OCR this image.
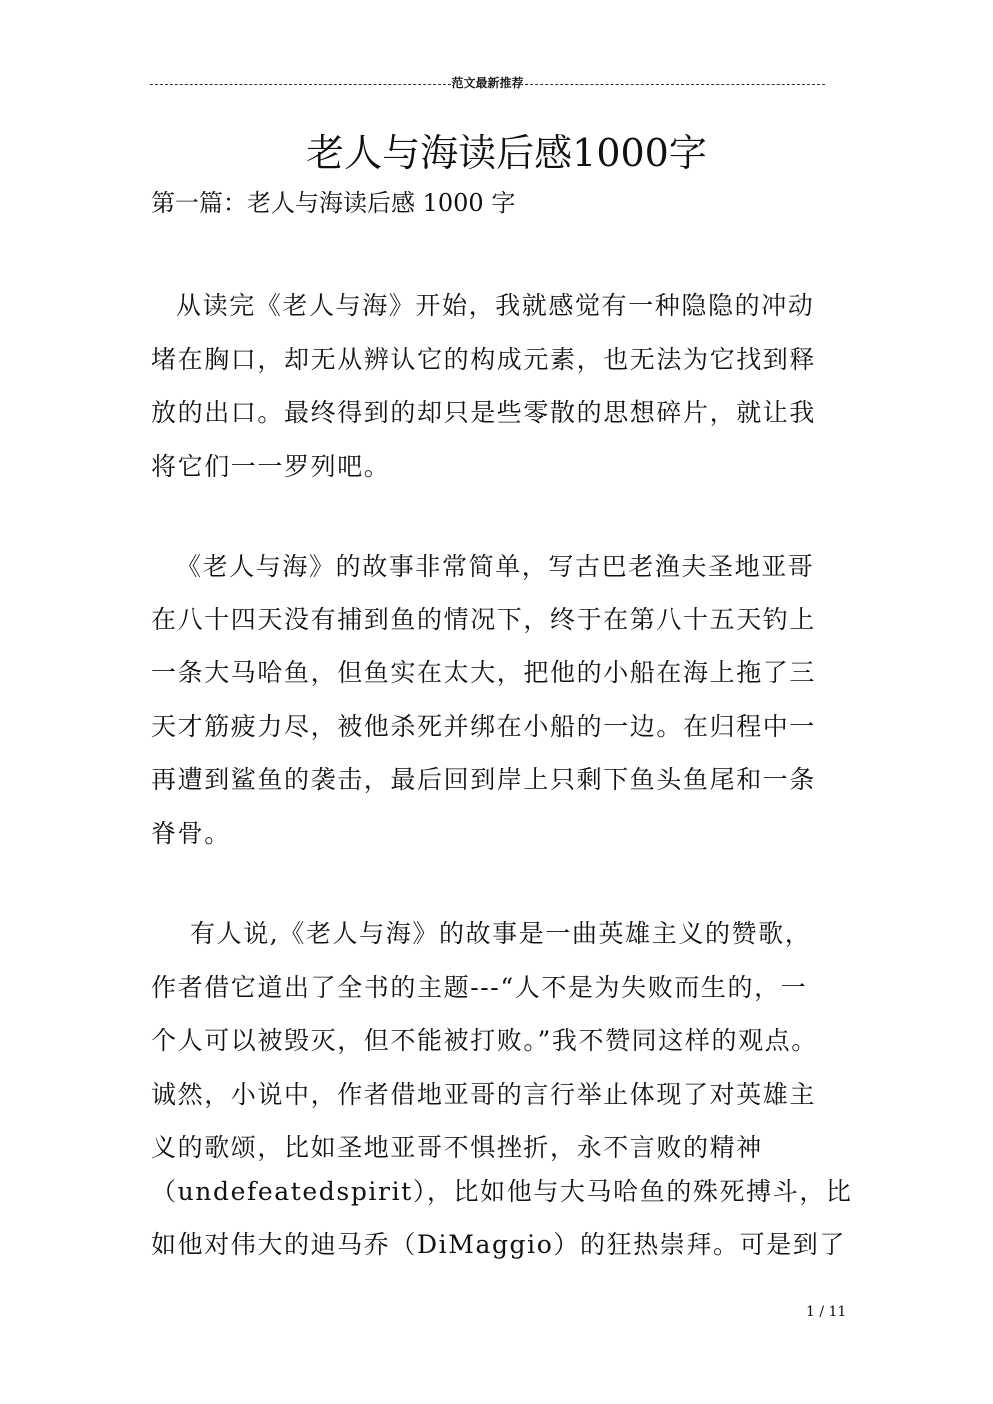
范文最新推荐
老人与海读后感1000字
第一篇：老人与海读后感 1000 字
从读完《老人与海》开始，我就感觉有一种隐隐的冲动
堵在胸口，却无从辨认它的构成元素，也无法为它找到释
放的出口。最终得到的却只是些零散的思想碎片，就让我
将它们一一罗列吧。
《老人与海》的故事非常简单，写古巴老渔夫圣地亚哥
在八十四天没有捕到鱼的情况下，终于在第八十五天钓上
一条大马哈鱼，但鱼实在太大，把他的小船在海上拖了三
天才筋疲力尽，被他杀死并绑在小船的一边。在归程中一
再遭到鲨鱼的袭击，最后回到岸上只剩下鱼头鱼尾和一条
脊骨。
有人说,《老人与海》的故事是一曲英雄主义的赞歌，
作者借它道出了全书的主题---“人不是为失败而生的，一
个人可以被毁灭，但不能被打败。”我不赞同这样的观点。
诚然，小说中，作者借地亚哥的言行举止体现了对英雄主
义的歌颂，比如圣地亚哥不惧挫折，永不言败的精神
（undefeatedspirit），比如他与大马哈鱼的殊死搏斗，比
如他对伟大的迪马乔（DiMaggio）的狂热崇拜。可是到了
1 / 11
